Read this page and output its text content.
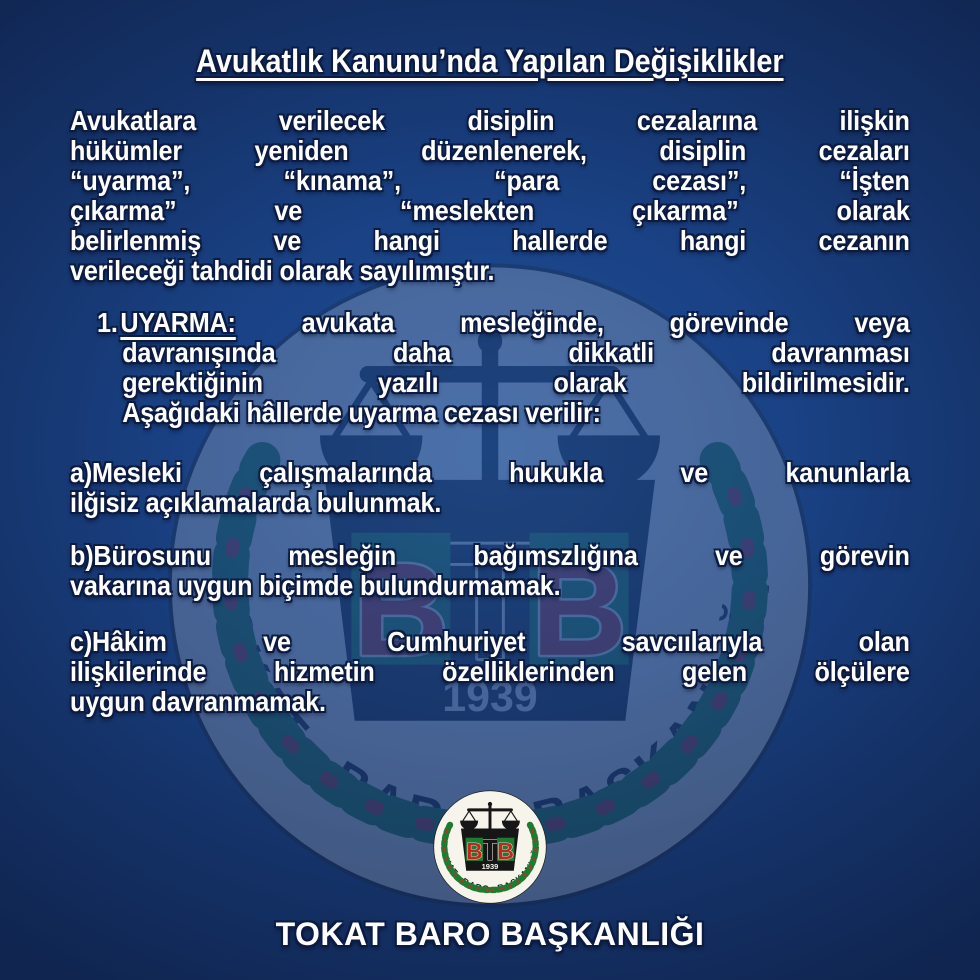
Avukatlık Kanunu’nda Yapılan Değişiklikler
Avukatlara verilecek disiplin cezalarına ilişkin
hükümler yeniden düzenlenerek, disiplin cezaları
“uyarma”, “kınama”, “para cezası”, “İşten
çıkarma” ve “meslekten çıkarma” olarak
belirlenmiş ve hangi hallerde hangi cezanın
verileceği tahdidi olarak sayılımıştır.
1.UYARMA: avukata mesleğinde, görevinde veya
davranışında daha dikkatli davranması
gerektiğinin yazılı olarak bildirilmesidir.
Aşağıdaki hâllerde uyarma cezası verilir:
a)Mesleki çalışmalarında hukukla ve kanunlarla
ilğisiz açıklamalarda bulunmak.
b)Bürosunu mesleğin bağımszlığına ve görevin
vakarına uygun biçimde bulundurmamak.
c)Hâkim ve Cumhuriyet savcıılarıyla olan
ilişkilerinde hizmetin özelliklerinden gelen ölçülere
uygun davranmamak.
TOKAT BARO BAŞKANLIĞI
